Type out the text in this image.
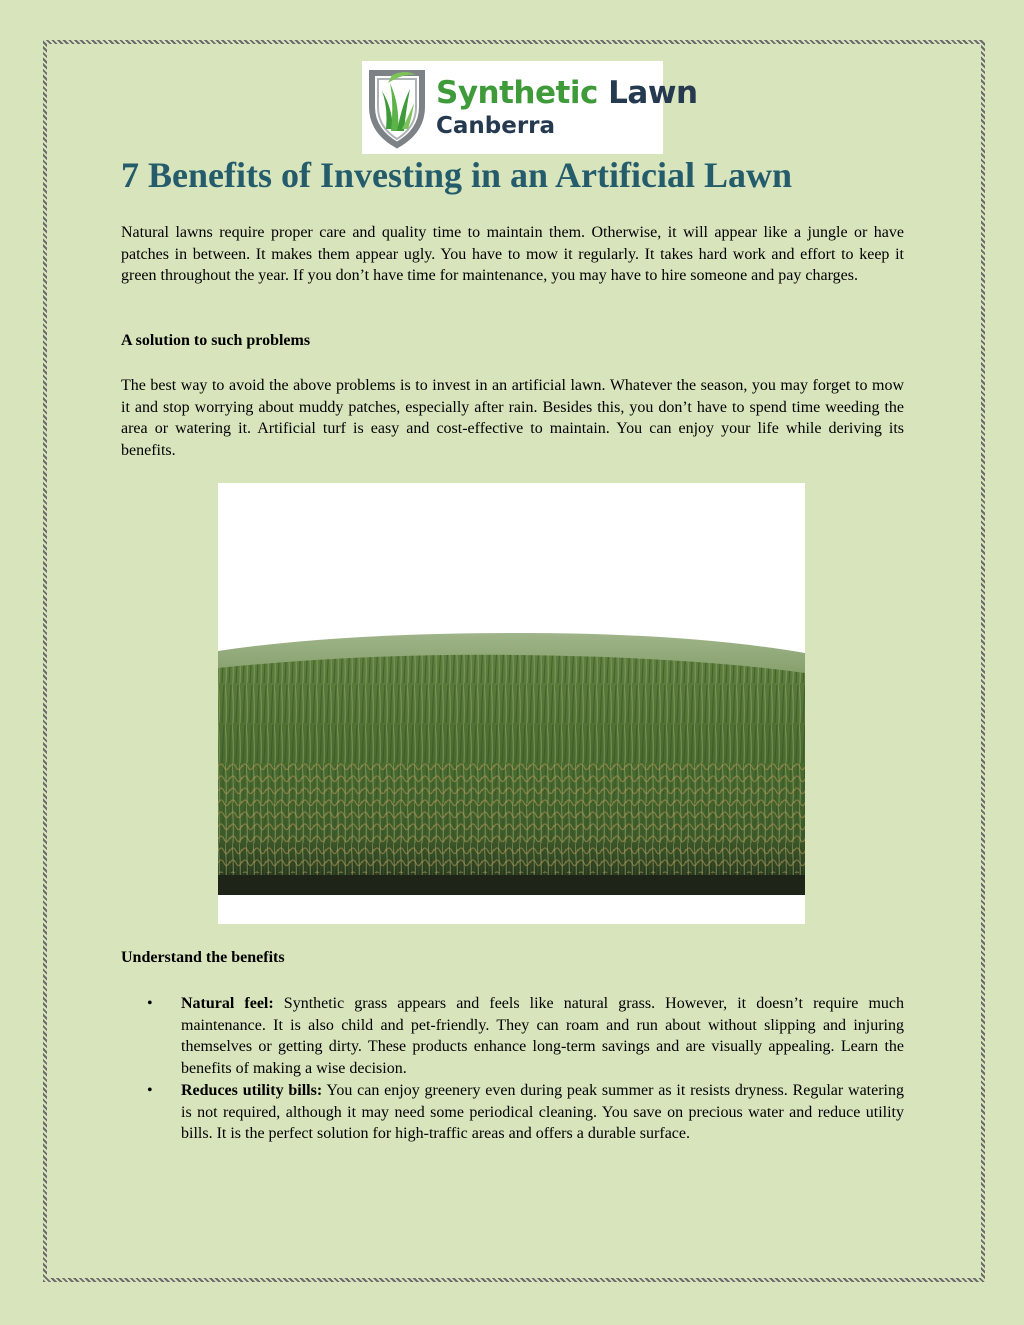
Synthetic Lawn
Canberra
7 Benefits of Investing in an Artificial Lawn

Natural lawns require proper care and quality time to maintain them. Otherwise, it will appear like a jungle or have patches in between. It makes them appear ugly. You have to mow it regularly. It takes hard work and effort to keep it green throughout the year. If you don’t have time for maintenance, you may have to hire someone and pay charges.

A solution to such problems

The best way to avoid the above problems is to invest in an artificial lawn. Whatever the season, you may forget to mow it and stop worrying about muddy patches, especially after rain. Besides this, you don’t have to spend time weeding the area or watering it. Artificial turf is easy and cost-effective to maintain. You can enjoy your life while deriving its benefits.

Understand the benefits
• Natural feel: Synthetic grass appears and feels like natural grass. However, it doesn’t require much maintenance. It is also child and pet-friendly. They can roam and run about without slipping and injuring themselves or getting dirty. These products enhance long-term savings and are visually appealing. Learn the benefits of making a wise decision.
• Reduces utility bills: You can enjoy greenery even during peak summer as it resists dryness. Regular watering is not required, although it may need some periodical cleaning. You save on precious water and reduce utility bills. It is the perfect solution for high-traffic areas and offers a durable surface.
